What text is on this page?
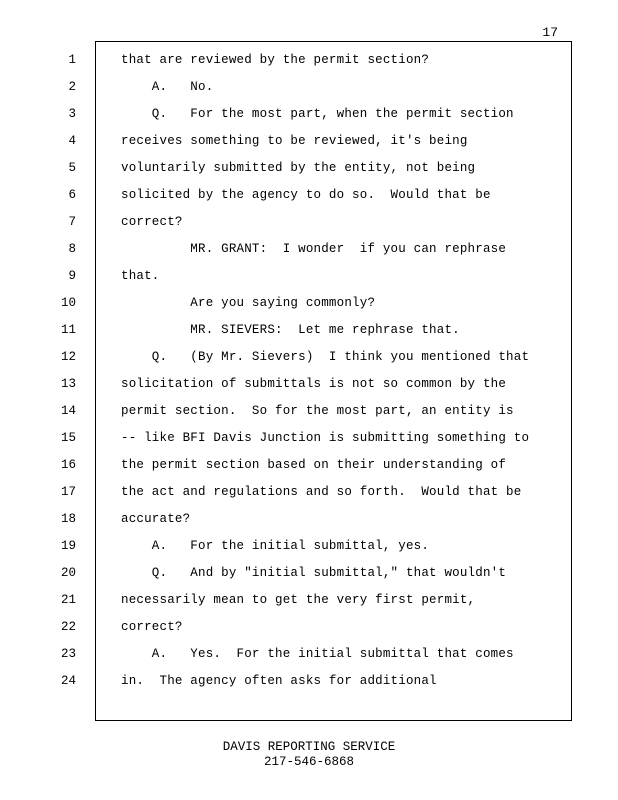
17
1	that are reviewed by the permit section?
2	A.   No.
3	Q.   For the most part, when the permit section
4	receives something to be reviewed, it's being
5	voluntarily submitted by the entity, not being
6	solicited by the agency to do so.  Would that be
7	correct?
8	MR. GRANT:  I wonder  if you can rephrase
9	that.
10	Are you saying commonly?
11	MR. SIEVERS:  Let me rephrase that.
12	Q.   (By Mr. Sievers)  I think you mentioned that
13	solicitation of submittals is not so common by the
14	permit section.  So for the most part, an entity is
15	-- like BFI Davis Junction is submitting something to
16	the permit section based on their understanding of
17	the act and regulations and so forth.  Would that be
18	accurate?
19	A.   For the initial submittal, yes.
20	Q.   And by "initial submittal," that wouldn't
21	necessarily mean to get the very first permit,
22	correct?
23	A.   Yes.  For the initial submittal that comes
24	in.  The agency often asks for additional
DAVIS REPORTING SERVICE
217-546-6868
